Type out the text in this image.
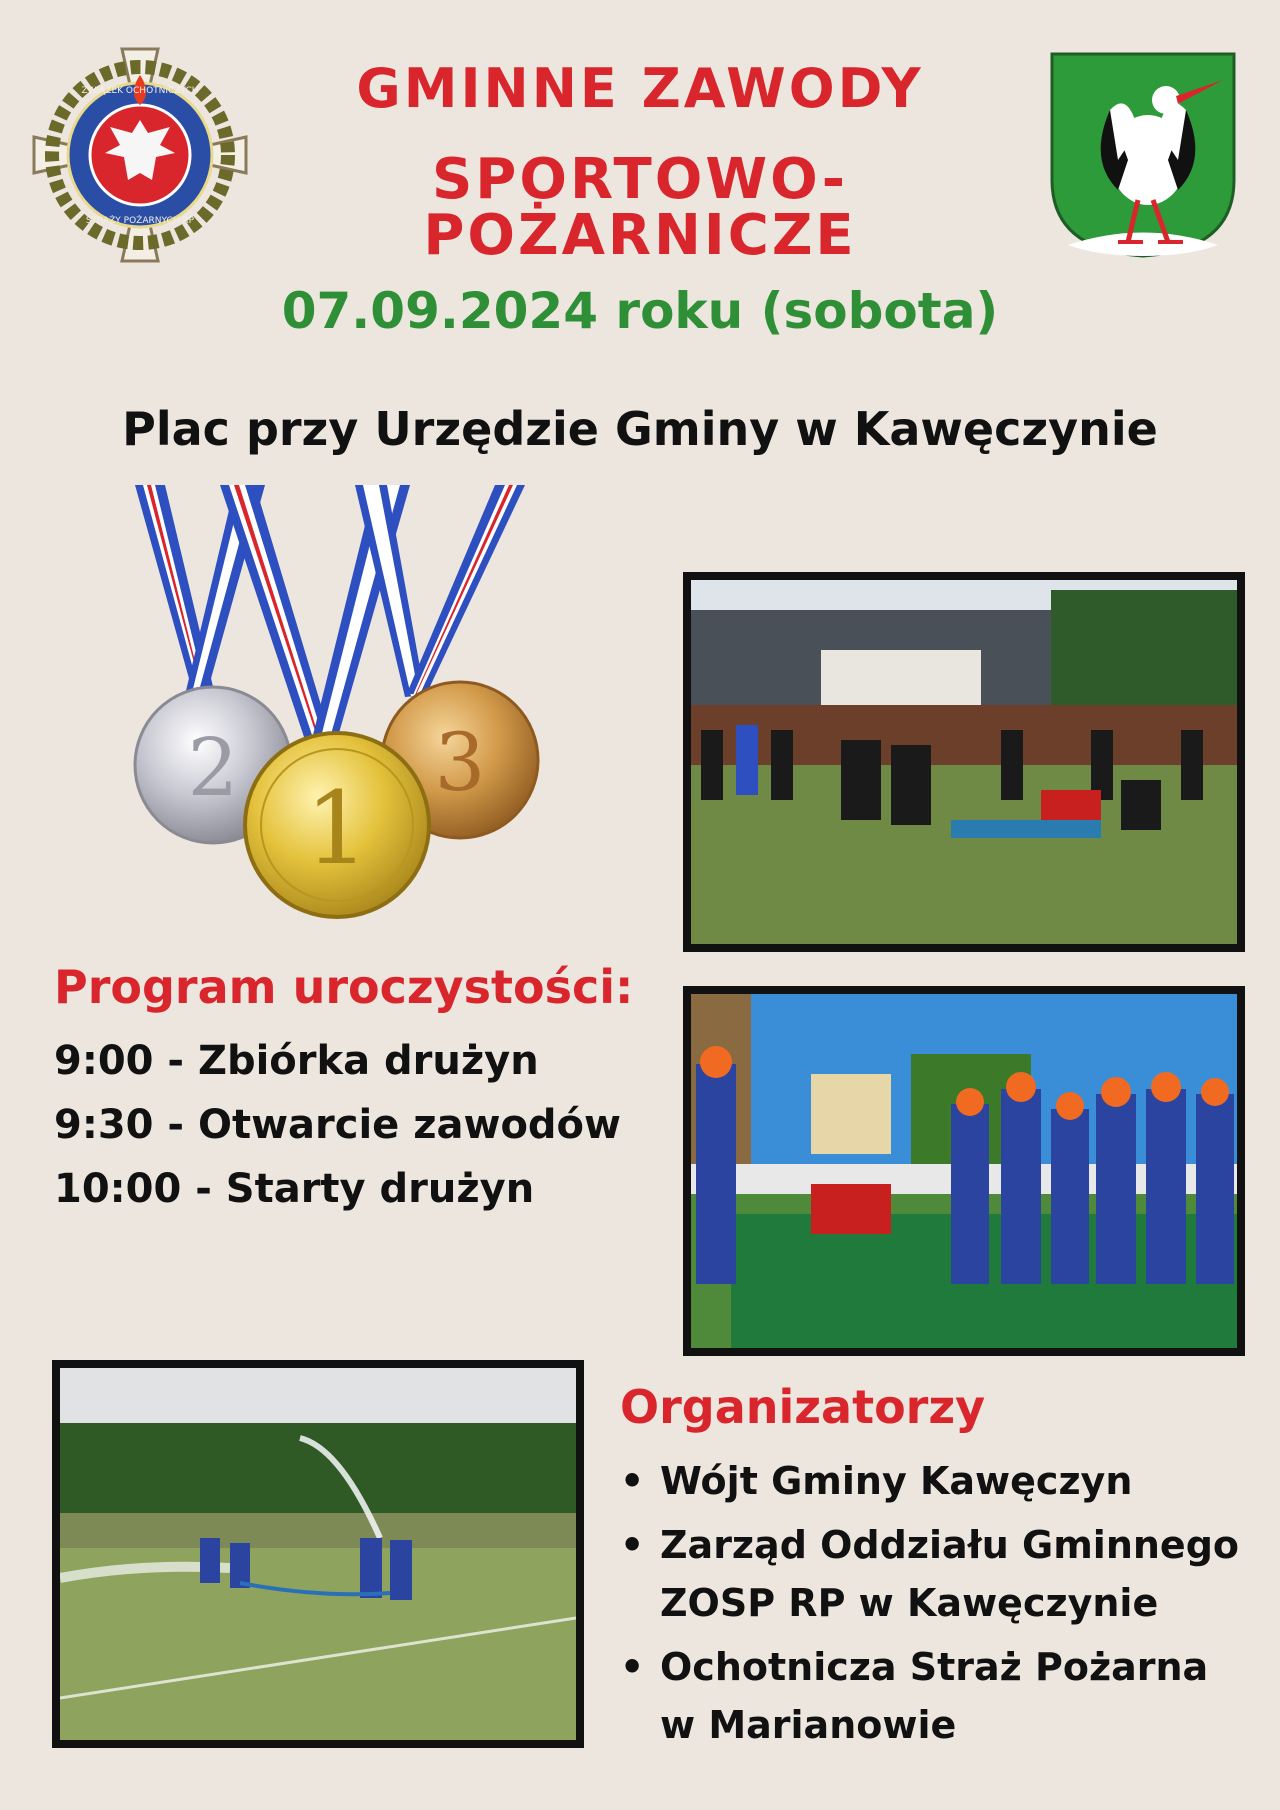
ZWIĄZEK OCHOTNICZYCH
STRAŻY POŻARNYCH RP
GMINNE ZAWODY
SPORTOWO-POŻARNICZE
07.09.2024 roku (sobota)
Plac przy Urzędzie Gminy w Kawęczynie
2 3
1
Program uroczystości:
9:00 - Zbiórka drużyn
9:30 - Otwarcie zawodów
10:00 - Starty drużyn
Organizatorzy
• Wójt Gminy Kawęczyn
• Zarząd Oddziału Gminnego
ZOSP RP w Kawęczynie
• Ochotnicza Straż Pożarna
w Marianowie
